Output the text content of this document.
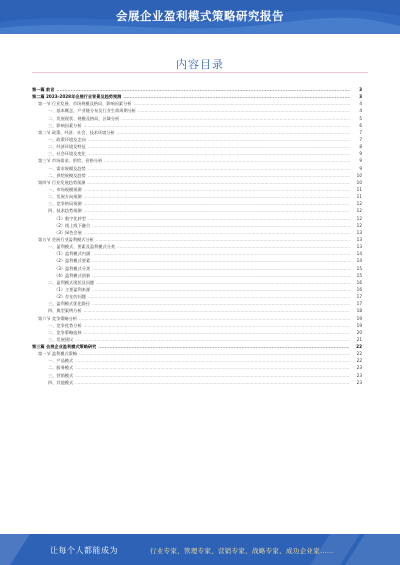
会展企业盈利模式策略研究报告
内容目录
第一篇 前言 .....	3
第二篇 2023-2028年会展行业背景及趋势预测 .....	3
第一节 行业发展、市场规模及格局、影响因素分析 .....	4
一、基本概念、产业链分布及行业生命周期分析 .....	4
二、发展现状、规模及格局、区域分析 .....	5
三、影响因素分析 .....	6
第二节 政策、经济、社会、技术环境分析 .....	7
一、政策环境及走向 .....	7
二、经济环境及特征 .....	8
三、社会环境及变化 .....	9
第三节 市场需求、供给、价格分析 .....	9
一、需求规模及趋势 .....	9
二、供给规模及趋势 .....	10
第四节 行业发展趋势预测 .....	10
一、市场规模预测 .....	11
二、发展方向预测 .....	11
三、竞争格局预测 .....	12
四、技术趋势预测 .....	12
（1）数字化转型 .....	12
（2）线上线下融合 .....	12
（3）绿色会展 .....	13
第五节 会展行业盈利模式分析 .....	13
一、盈利模式、要素及盈利模式分类 .....	13
（1）盈利模式内涵 .....	14
（2）盈利模式要素 .....	14
（3）盈利模式分类 .....	15
（4）盈利模式创新 .....	15
二、盈利模式现状及问题 .....	16
（1）主要盈利来源 .....	16
（2）存在的问题 .....	17
三、盈利模式优化路径 .....	17
四、典型案例分析 .....	18
第六节 竞争策略分析 .....	19
一、竞争优势分析 .....	19
二、竞争策略选择 .....	20
三、发展建议 .....	21
第三篇 会展企业盈利模式策略研究 .....	22
第一节 盈利模式策略 .....	22
一、产品模式 .....	22
二、服务模式 .....	23
三、营销模式 .....	23
四、其他模式 .....	23
让每个人都能成为	行业专家、管理专家、营销专家、战略专家、成功企业家……
